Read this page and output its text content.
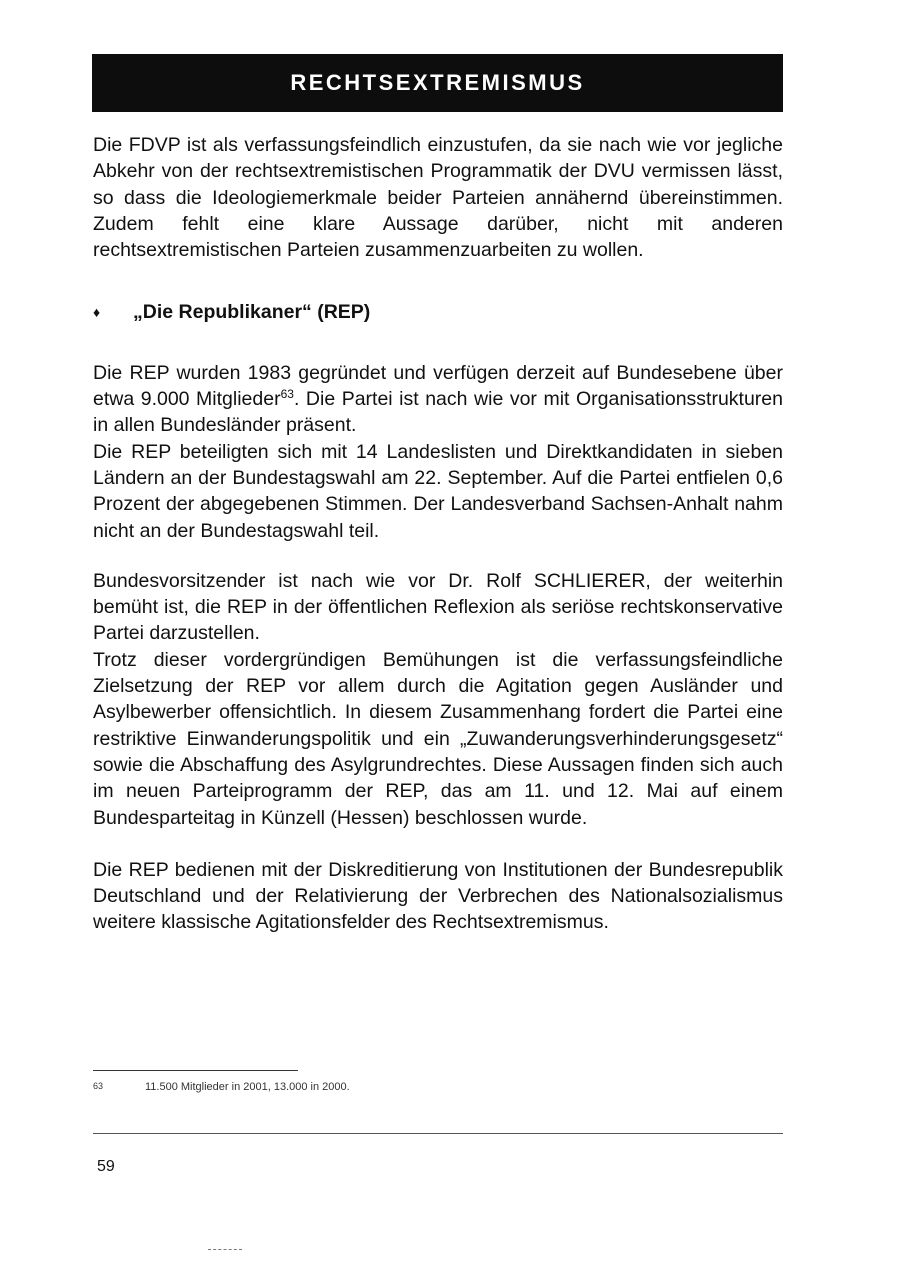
RECHTSEXTREMISMUS

Die FDVP ist als verfassungsfeindlich einzustufen, da sie nach wie vor jegliche Abkehr von der rechtsextremistischen Programmatik der DVU vermissen lässt, so dass die Ideologiemerkmale beider Parteien annähernd übereinstimmen. Zudem fehlt eine klare Aussage darüber, nicht mit anderen rechtsextremistischen Parteien zusammenzuarbeiten zu wollen.

♦	„Die Republikaner“ (REP)

Die REP wurden 1983 gegründet und verfügen derzeit auf Bundesebene über etwa 9.000 Mitglieder$^{63}$. Die Partei ist nach wie vor mit Organisationsstrukturen in allen Bundesländer präsent.

Die REP beteiligten sich mit 14 Landeslisten und Direktkandidaten in sieben Ländern an der Bundestagswahl am 22. September. Auf die Partei entfielen 0,6 Prozent der abgegebenen Stimmen. Der Landesverband Sachsen-Anhalt nahm nicht an der Bundestagswahl teil.

Bundesvorsitzender ist nach wie vor Dr. Rolf SCHLIERER, der weiterhin bemüht ist, die REP in der öffentlichen Reflexion als seriöse rechtskonservative Partei darzustellen.

Trotz dieser vordergründigen Bemühungen ist die verfassungsfeindliche Zielsetzung der REP vor allem durch die Agitation gegen Ausländer und Asylbewerber offensichtlich. In diesem Zusammenhang fordert die Partei eine restriktive Einwanderungspolitik und ein „Zuwanderungsverhinderungsgesetz“ sowie die Abschaffung des Asylgrundrechtes. Diese Aussagen finden sich auch im neuen Parteiprogramm der REP, das am 11. und 12. Mai auf einem Bundesparteitag in Künzell (Hessen) beschlossen wurde.

Die REP bedienen mit der Diskreditierung von Institutionen der Bundesrepublik Deutschland und der Relativierung der Verbrechen des Nationalsozialismus weitere klassische Agitationsfelder des Rechtsextremismus.

63	11.500 Mitglieder in 2001, 13.000 in 2000.
59
